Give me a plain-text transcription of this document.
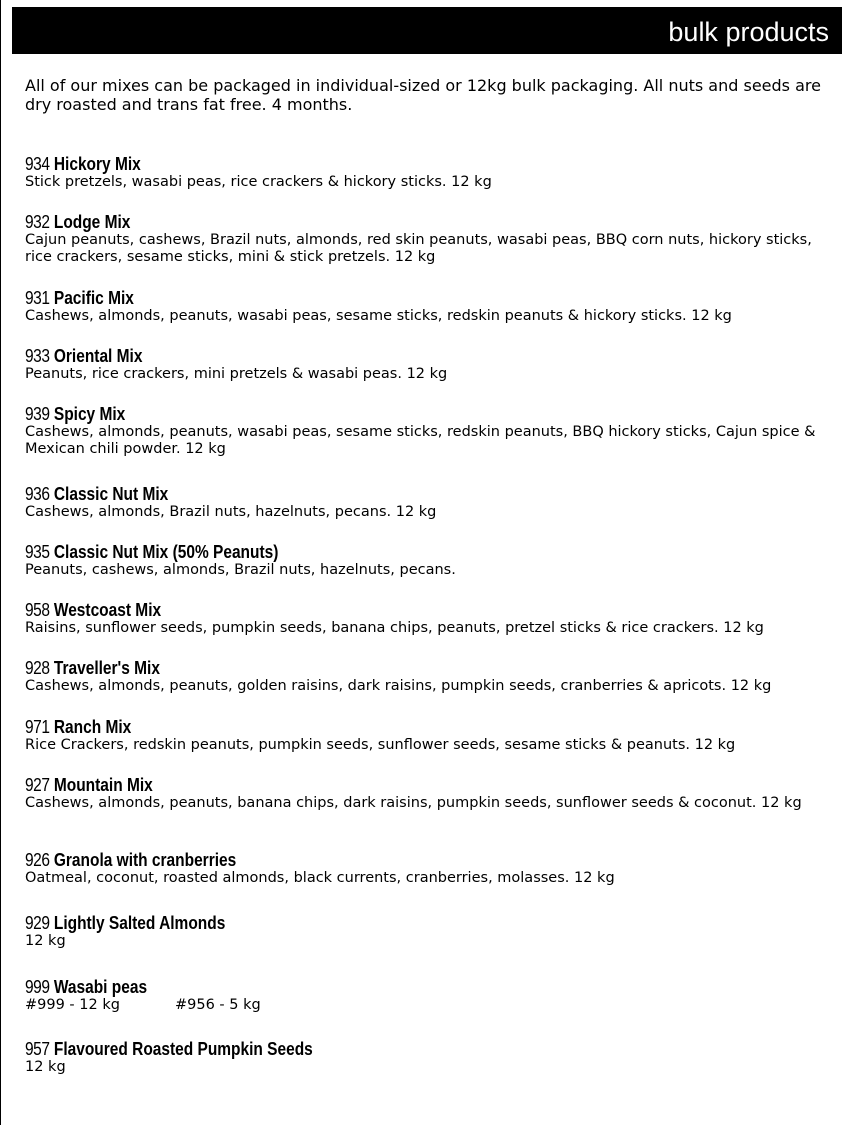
bulk products
All of our mixes can be packaged in individual-sized or 12kg bulk packaging. All nuts and seeds are dry roasted and trans fat free. 4 months.
934 Hickory Mix
Stick pretzels, wasabi peas, rice crackers & hickory sticks. 12 kg
932 Lodge Mix
Cajun peanuts, cashews, Brazil nuts, almonds, red skin peanuts, wasabi peas, BBQ corn nuts, hickory sticks, rice crackers, sesame sticks, mini & stick pretzels. 12 kg
931 Pacific Mix
Cashews, almonds, peanuts, wasabi peas, sesame sticks, redskin peanuts & hickory sticks. 12 kg
933 Oriental Mix
Peanuts, rice crackers, mini pretzels & wasabi peas. 12 kg
939 Spicy Mix
Cashews, almonds, peanuts, wasabi peas, sesame sticks, redskin peanuts, BBQ hickory sticks, Cajun spice & Mexican chili powder. 12 kg
936 Classic Nut Mix
Cashews, almonds, Brazil nuts, hazelnuts, pecans. 12 kg
935 Classic Nut Mix (50% Peanuts)
Peanuts, cashews, almonds, Brazil nuts, hazelnuts, pecans.
958 Westcoast Mix
Raisins, sunflower seeds, pumpkin seeds, banana chips, peanuts, pretzel sticks & rice crackers. 12 kg
928 Traveller's Mix
Cashews, almonds, peanuts, golden raisins, dark raisins, pumpkin seeds, cranberries & apricots. 12 kg
971 Ranch Mix
Rice Crackers, redskin peanuts, pumpkin seeds, sunflower seeds, sesame sticks & peanuts. 12 kg
927 Mountain Mix
Cashews, almonds, peanuts, banana chips, dark raisins, pumpkin seeds, sunflower seeds & coconut. 12 kg
926 Granola with cranberries
Oatmeal, coconut, roasted almonds, black currents, cranberries, molasses. 12 kg
929 Lightly Salted Almonds
12 kg
999 Wasabi peas
#999 - 12 kg	#956 - 5 kg
957 Flavoured Roasted Pumpkin Seeds
12 kg
